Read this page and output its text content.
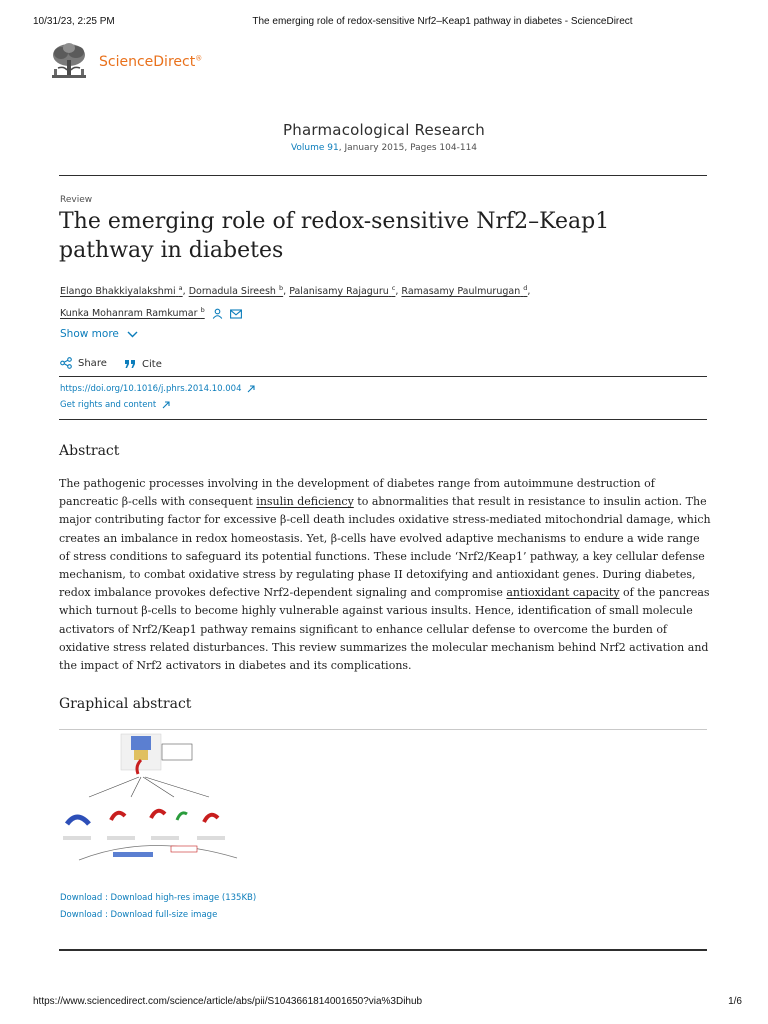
10/31/23, 2:25 PM	The emerging role of redox-sensitive Nrf2–Keap1 pathway in diabetes - ScienceDirect
ScienceDirect®
Pharmacological Research
Volume 91, January 2015, Pages 104-114
Review
The emerging role of redox-sensitive Nrf2–Keap1 pathway in diabetes
Elango Bhakkiyalakshmi $^a$, Dornadula Sireesh $^b$, Palanisamy Rajaguru $^c$, Ramasamy Paulmurugan $^d$,
Kunka Mohanram Ramkumar $^b$
Show more
Share
	Cite
https://doi.org/10.1016/j.phrs.2014.10.004
Get rights and content
Abstract

The pathogenic processes involving in the development of diabetes range from autoimmune destruction of pancreatic β-cells with consequent insulin deficiency to abnormalities that result in resistance to insulin action. The major contributing factor for excessive β-cell death includes oxidative stress-mediated mitochondrial damage, which creates an imbalance in redox homeostasis. Yet, β-cells have evolved adaptive mechanisms to endure a wide range of stress conditions to safeguard its potential functions. These include ‘Nrf2/Keap1’ pathway, a key cellular defense mechanism, to combat oxidative stress by regulating phase II detoxifying and antioxidant genes. During diabetes, redox imbalance provokes defective Nrf2-dependent signaling and compromise antioxidant capacity of the pancreas which turnout β-cells to become highly vulnerable against various insults. Hence, identification of small molecule activators of Nrf2/Keap1 pathway remains significant to enhance cellular defense to overcome the burden of oxidative stress related disturbances. This review summarizes the molecular mechanism behind Nrf2 activation and the impact of Nrf2 activators in diabetes and its complications.

Graphical abstract
Download : Download high-res image (135KB)
Download : Download full-size image
https://www.sciencedirect.com/science/article/abs/pii/S1043661814001650?via%3Dihub	1/6
